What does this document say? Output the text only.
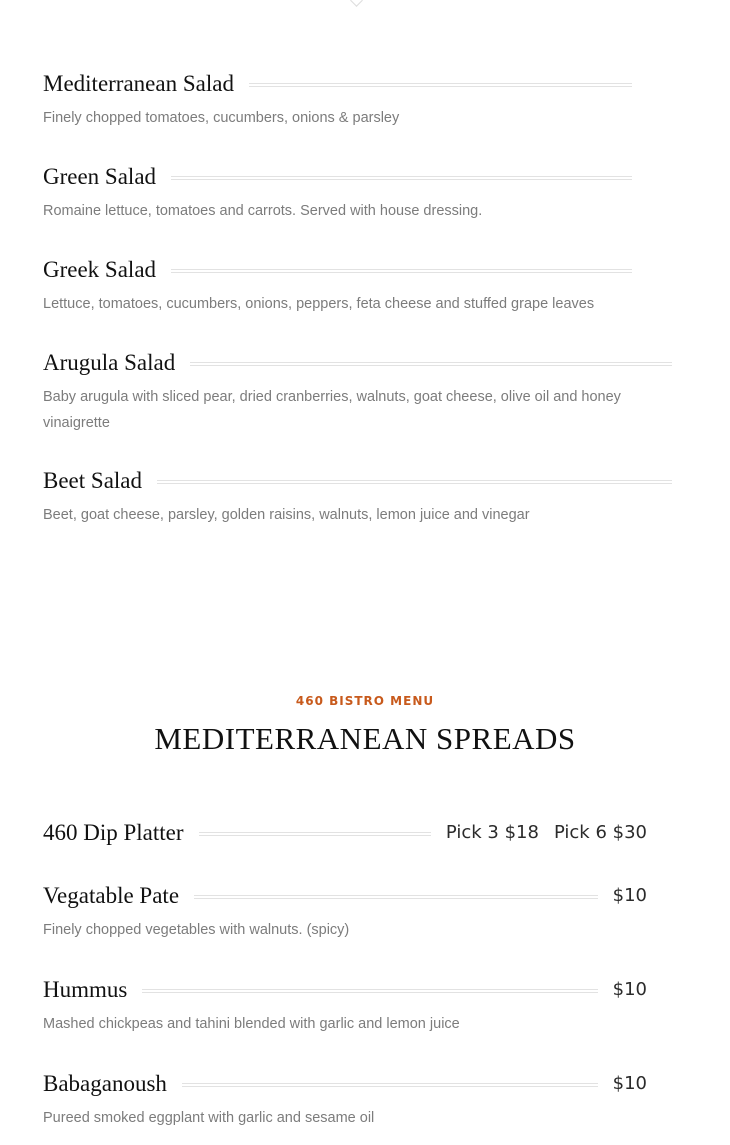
Mediterranean Salad
Finely chopped tomatoes, cucumbers, onions & parsley
Green Salad
Romaine lettuce, tomatoes and carrots. Served with house dressing.
Greek Salad
Lettuce, tomatoes, cucumbers, onions, peppers, feta cheese and stuffed grape leaves
Arugula Salad
Baby arugula with sliced pear, dried cranberries, walnuts, goat cheese, olive oil and honey vinaigrette
Beet Salad
Beet, goat cheese, parsley, golden raisins, walnuts, lemon juice and vinegar
460 BISTRO MENU
MEDITERRANEAN SPREADS
460 Dip Platter	Pick 3 $18 Pick 6 $30
Vegatable Pate	$10
Finely chopped vegetables with walnuts. (spicy)
Hummus	$10
Mashed chickpeas and tahini blended with garlic and lemon juice
Babaganoush	$10
Pureed smoked eggplant with garlic and sesame oil
